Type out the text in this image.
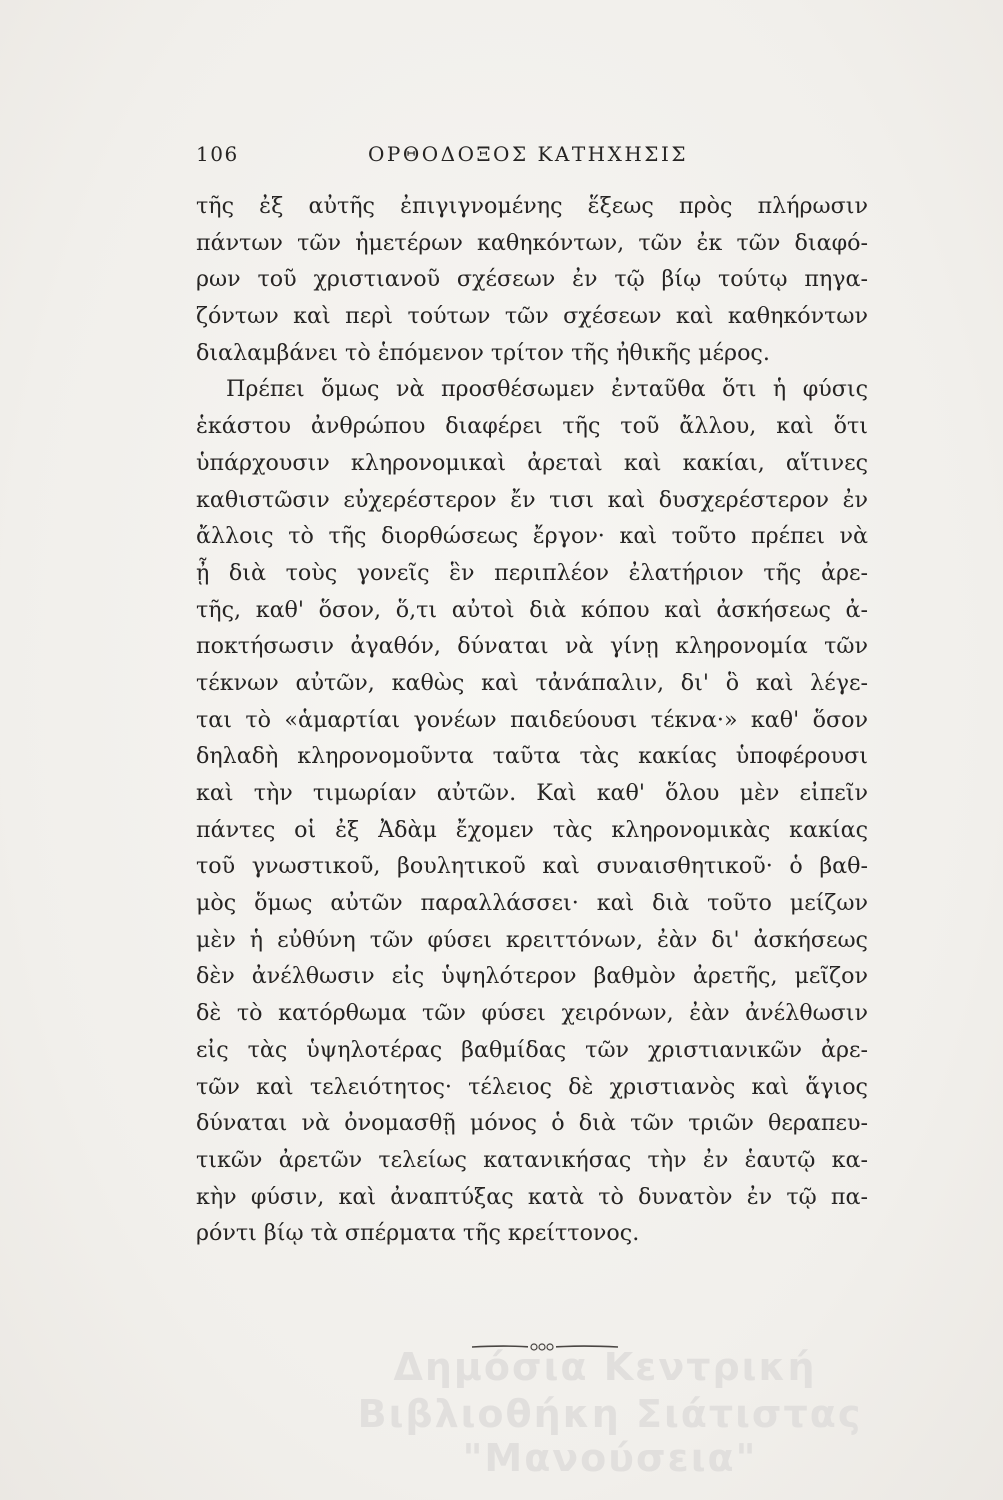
106	ΟΡΘΟΔΟΞΟΣ ΚΑΤΗΧΗΣΙΣ
τῆς ἐξ αὐτῆς ἐπιγιγνομένης ἕξεως πρὸς πλήρωσιν
πάντων τῶν ἡμετέρων καθηκόντων, τῶν ἐκ τῶν διαφό-
ρων τοῦ χριστιανοῦ σχέσεων ἐν τῷ βίῳ τούτῳ πηγα-
ζόντων καὶ περὶ τούτων τῶν σχέσεων καὶ καθηκόντων
διαλαμβάνει τὸ ἑπόμενον τρίτον τῆς ἠθικῆς μέρος.
Πρέπει ὅμως νὰ προσθέσωμεν ἐνταῦθα ὅτι ἡ φύσις
ἑκάστου ἀνθρώπου διαφέρει τῆς τοῦ ἄλλου, καὶ ὅτι
ὑπάρχουσιν κληρονομικαὶ ἀρεταὶ καὶ κακίαι, αἵτινες
καθιστῶσιν εὐχερέστερον ἔν τισι καὶ δυσχερέστερον ἐν
ἄλλοις τὸ τῆς διορθώσεως ἔργον· καὶ τοῦτο πρέπει νὰ
ᾖ διὰ τοὺς γονεῖς ἓν περιπλέον ἐλατήριον τῆς ἀρε-
τῆς, καθ' ὅσον, ὅ,τι αὐτοὶ διὰ κόπου καὶ ἀσκήσεως ἀ-
ποκτήσωσιν ἀγαθόν, δύναται νὰ γίνῃ κληρονομία τῶν
τέκνων αὐτῶν, καθὼς καὶ τἀνάπαλιν, δι' ὃ καὶ λέγε-
ται τὸ «ἁμαρτίαι γονέων παιδεύουσι τέκνα·» καθ' ὅσον
δηλαδὴ κληρονομοῦντα ταῦτα τὰς κακίας ὑποφέρουσι
καὶ τὴν τιμωρίαν αὐτῶν. Καὶ καθ' ὅλου μὲν εἰπεῖν
πάντες οἱ ἐξ Ἀδὰμ ἔχομεν τὰς κληρονομικὰς κακίας
τοῦ γνωστικοῦ, βουλητικοῦ καὶ συναισθητικοῦ· ὁ βαθ-
μὸς ὅμως αὐτῶν παραλλάσσει· καὶ διὰ τοῦτο μείζων
μὲν ἡ εὐθύνη τῶν φύσει κρειττόνων, ἐὰν δι' ἀσκήσεως
δὲν ἀνέλθωσιν εἰς ὑψηλότερον βαθμὸν ἀρετῆς, μεῖζον
δὲ τὸ κατόρθωμα τῶν φύσει χειρόνων, ἐὰν ἀνέλθωσιν
εἰς τὰς ὑψηλοτέρας βαθμίδας τῶν χριστιανικῶν ἀρε-
τῶν καὶ τελειότητος· τέλειος δὲ χριστιανὸς καὶ ἅγιος
δύναται νὰ ὀνομασθῇ μόνος ὁ διὰ τῶν τριῶν θεραπευ-
τικῶν ἀρετῶν τελείως κατανικήσας τὴν ἐν ἑαυτῷ κα-
κὴν φύσιν, καὶ ἀναπτύξας κατὰ τὸ δυνατὸν ἐν τῷ πα-
ρόντι βίῳ τὰ σπέρματα τῆς κρείττονος.
Δημόσια Κεντρική
Βιβλιοθήκη Σιάτιστας "Μανούσεια"
